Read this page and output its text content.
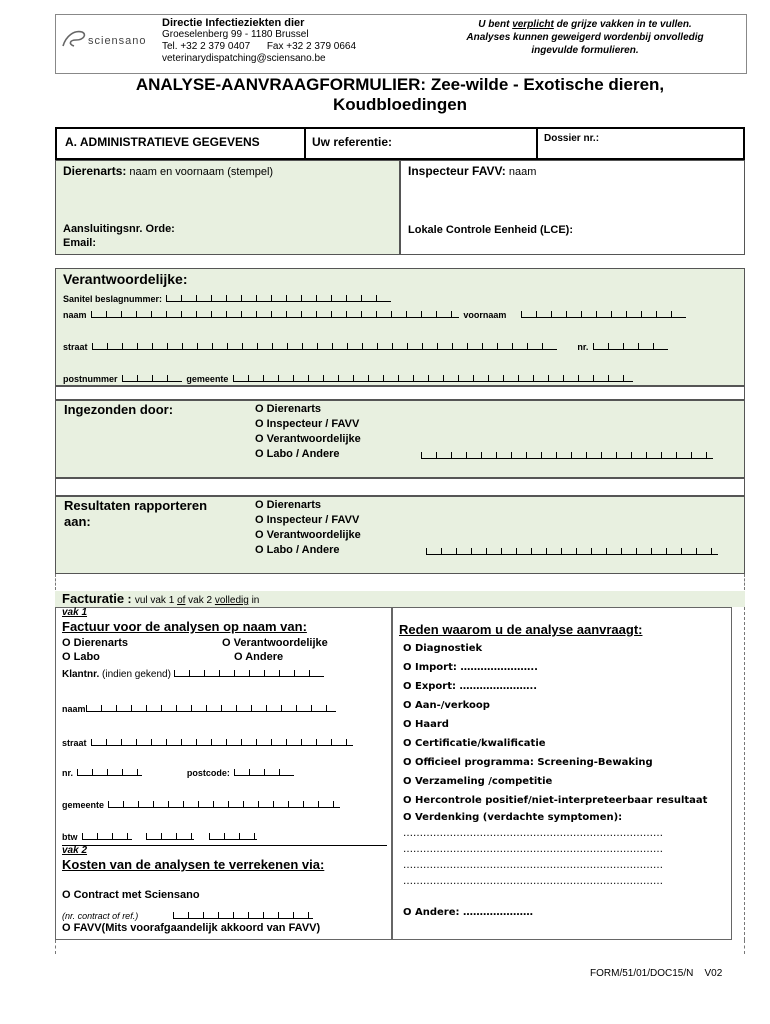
sciensano
Directie Infectieziekten dier
Groeselenberg 99 - 1180 Brussel
Tel. +32 2 379 0407 Fax +32 2 379 0664
veterinarydispatching@sciensano.be
U bent verplicht de grijze vakken in te vullen.
Analyses kunnen geweigerd wordenbij onvolledig
ingevulde formulieren.
ANALYSE-AANVRAAGFORMULIER: Zee-wilde - Exotische dieren,
Koudbloedingen
A. ADMINISTRATIEVE GEGEVENS	Uw referentie:	Dossier nr.:
Dierenarts: naam en voornaam (stempel)
Aansluitingsnr. Orde:
Email:
Inspecteur FAVV: naam
Lokale Controle Eenheid (LCE):
Verantwoordelijke:
Sanitel beslagnummer:
naam	voornaam
straat	nr.
postnummer	gemeente
Ingezonden door:	O Dierenarts
O Inspecteur / FAVV
O Verantwoordelijke
O Labo / Andere
Resultaten rapporteren
aan:
O Dierenarts
O Inspecteur / FAVV
O Verantwoordelijke
O Labo / Andere
Facturatie : vul vak 1 of vak 2 volledig in
vak 1
Factuur voor de analysen op naam van:
O Dierenarts
O Labo
O Verantwoordelijke
O Andere
Klantnr. (indien gekend)
naam
straat
nr.	postcode:
gemeente
btw
vak 2
Kosten van de analysen te verrekenen via:
O Contract met Sciensano
(nr. contract of ref.)
O FAVV(Mits voorafgaandelijk akkoord van FAVV)
Reden waarom u de analyse aanvraagt:
O Diagnostiek
O Import: …………………..
O Export: …………………..
O Aan-/verkoop
O Haard
O Certificatie/kwalificatie
O Officieel programma: Screening-Bewaking
O Verzameling /competitie
O Hercontrole positief/niet-interpreteerbaar resultaat
O Verdenking (verdachte symptomen):
……………………………………………………………………
……………………………………………………………………
……………………………………………………………………
……………………………………………………………………
O Andere: …………………
FORM/51/01/DOC15/N V02
